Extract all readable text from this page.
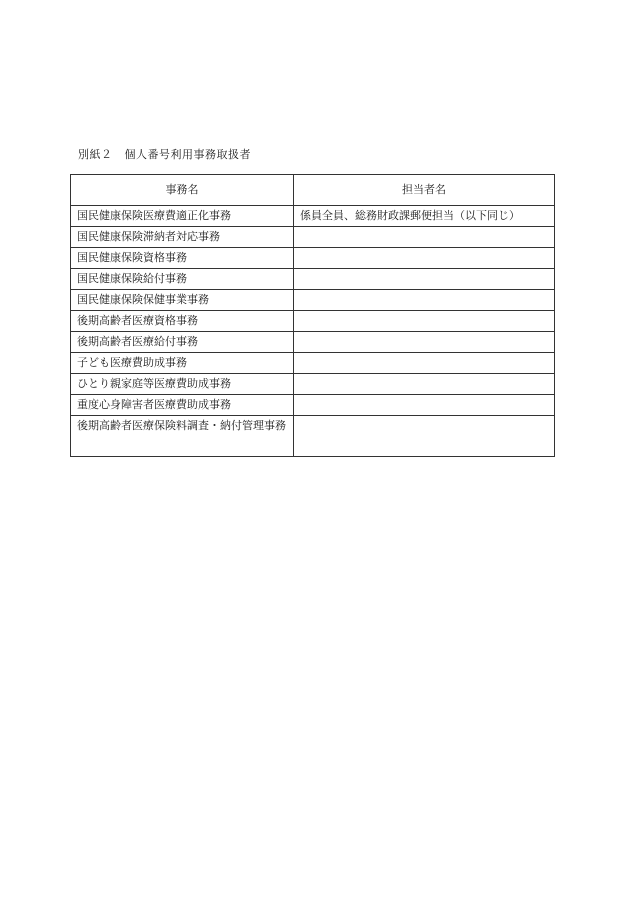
別紙２ 個人番号利用事務取扱者
事務名	担当者名
国民健康保険医療費適正化事務	係員全員、総務財政課郵便担当（以下同じ）
国民健康保険滞納者対応事務	
国民健康保険資格事務	
国民健康保険給付事務	
国民健康保険保健事業事務	
後期高齢者医療資格事務	
後期高齢者医療給付事務	
子ども医療費助成事務	
ひとり親家庭等医療費助成事務	
重度心身障害者医療費助成事務	
後期高齢者医療保険料調査・納付管理事務	
